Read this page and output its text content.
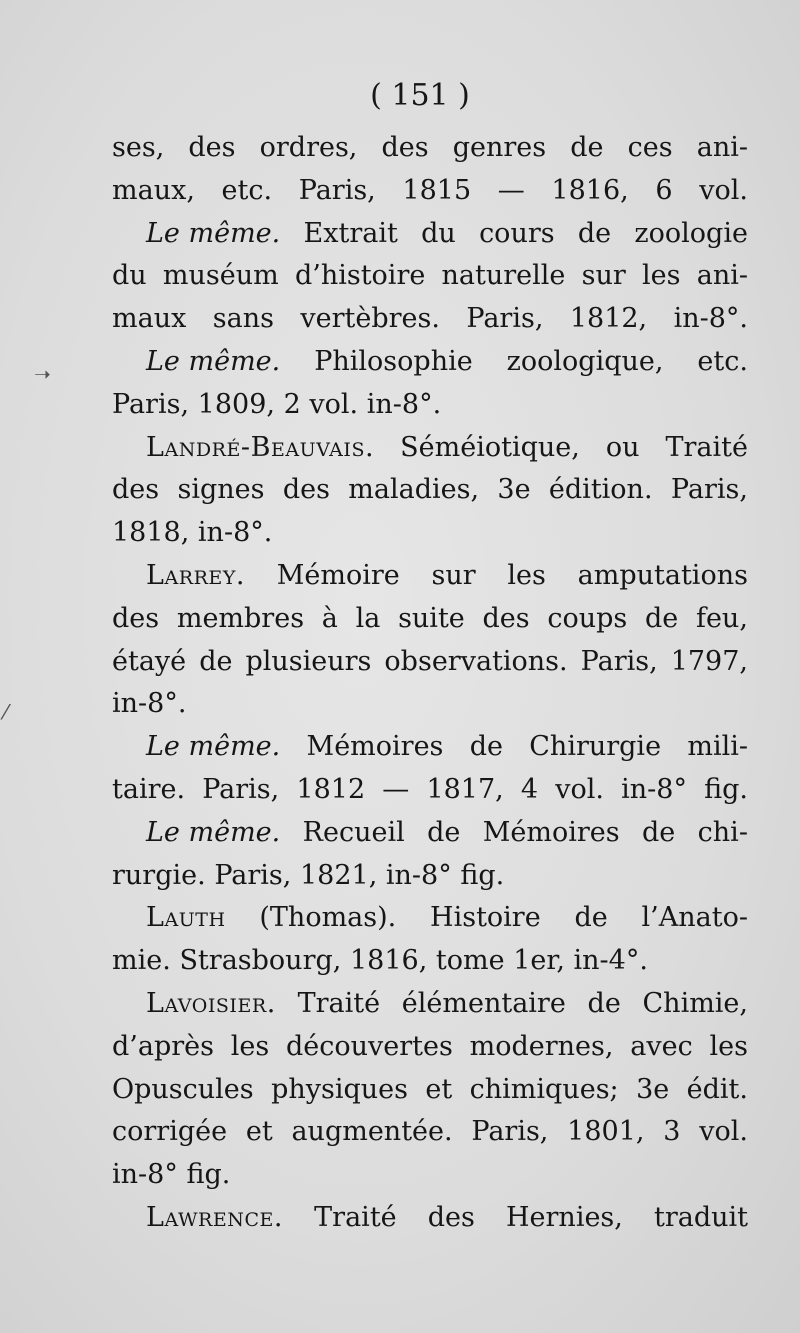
( 151 )
ses, des ordres, des genres de ces ani-
maux, etc. Paris, 1815 — 1816, 6 vol.
Le même. Extrait du cours de zoologie
du muséum d’histoire naturelle sur les ani-
maux sans vertèbres. Paris, 1812, in-8°.
Le même. Philosophie zoologique, etc.
Paris, 1809, 2 vol. in-8°.
Landré-Beauvais. Séméiotique, ou Traité
des signes des maladies, 3e édition. Paris,
1818, in-8°.
Larrey. Mémoire sur les amputations
des membres à la suite des coups de feu,
étayé de plusieurs observations. Paris, 1797,
in-8°.
Le même. Mémoires de Chirurgie mili-
taire. Paris, 1812 — 1817, 4 vol. in-8° fig.
Le même. Recueil de Mémoires de chi-
rurgie. Paris, 1821, in-8° fig.
Lauth (Thomas). Histoire de l’Anato-
mie. Strasbourg, 1816, tome 1er, in-4°.
Lavoisier. Traité élémentaire de Chimie,
d’après les découvertes modernes, avec les
Opuscules physiques et chimiques; 3e édit.
corrigée et augmentée. Paris, 1801, 3 vol.
in-8° fig.
Lawrence. Traité des Hernies, traduit
➝
⁄
